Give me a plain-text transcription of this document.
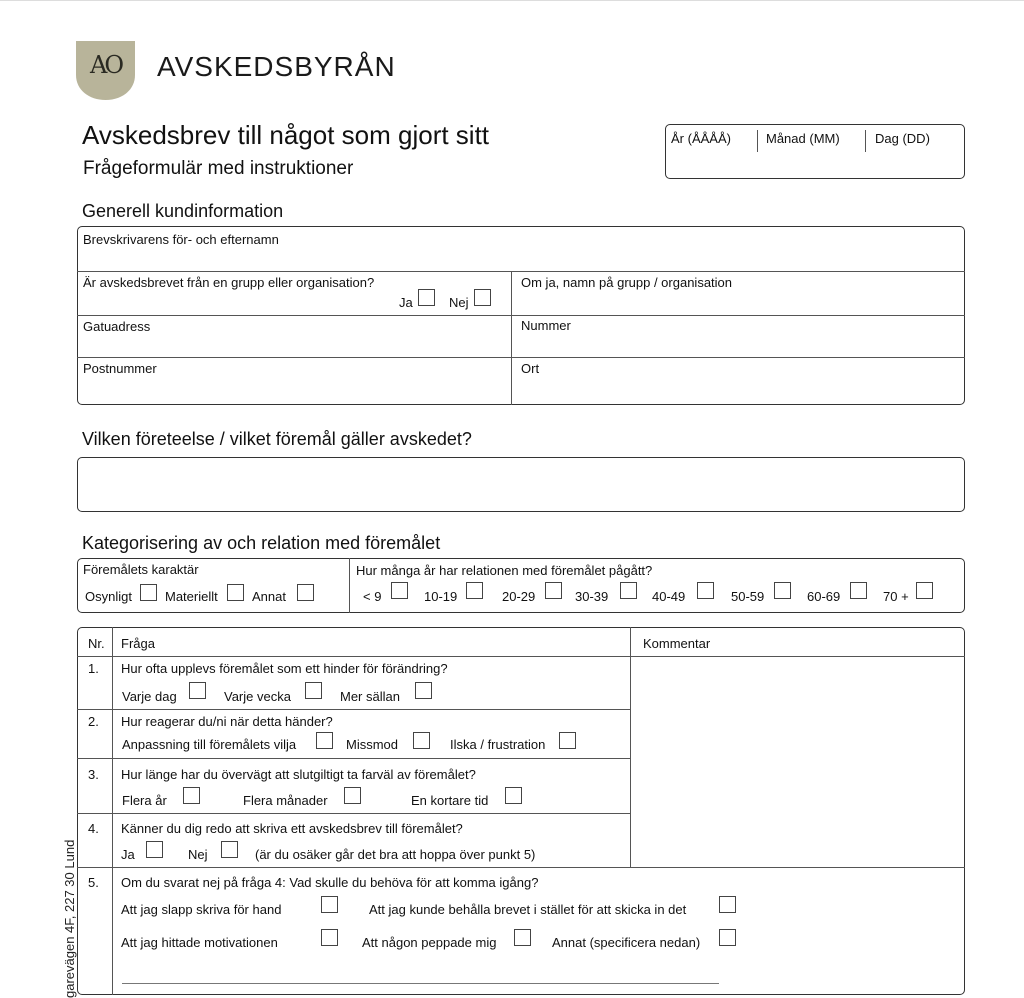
AO	AVSKEDSBYRÅN
Avskedsbrev till något som gjort sitt
Frågeformulär med instruktioner
År (ÅÅÅÅ)	Månad (MM)	Dag (DD)
Generell kundinformation
Brevskrivarens för- och efternamn
Är avskedsbrevet från en grupp eller organisation?
Ja	Nej
Om ja, namn på grupp / organisation
Gatuadress	Nummer
Postnummer	Ort
Vilken företeelse / vilket föremål gäller avskedet?
Kategorisering av och relation med föremålet
Föremålets karaktär
Osynligt	Materiellt	Annat
Hur många år har relationen med föremålet pågått?
< 9	10-19	20-29	30-39	40-49	50-59	60-69	70 +
Nr. Fråga	Kommentar
1. Hur ofta upplevs föremålet som ett hinder för förändring?
Varje dag	Varje vecka	Mer sällan
2. Hur reagerar du/ni när detta händer?
Anpassning till föremålets vilja	Missmod	Ilska / frustration
3. Hur länge har du övervägt att slutgiltigt ta farväl av föremålet?
Flera år	Flera månader	En kortare tid
4. Känner du dig redo att skriva ett avskedsbrev till föremålet?
Ja	Nej	(är du osäker går det bra att hoppa över punkt 5)
5. Om du svarat nej på fråga 4: Vad skulle du behöva för att komma igång?
Att jag slapp skriva för hand	Att jag kunde behålla brevet i stället för att skicka in det
Att jag hittade motivationen	Att någon peppade mig	Annat (specificera nedan)
garevägen 4F, 227 30 Lund
